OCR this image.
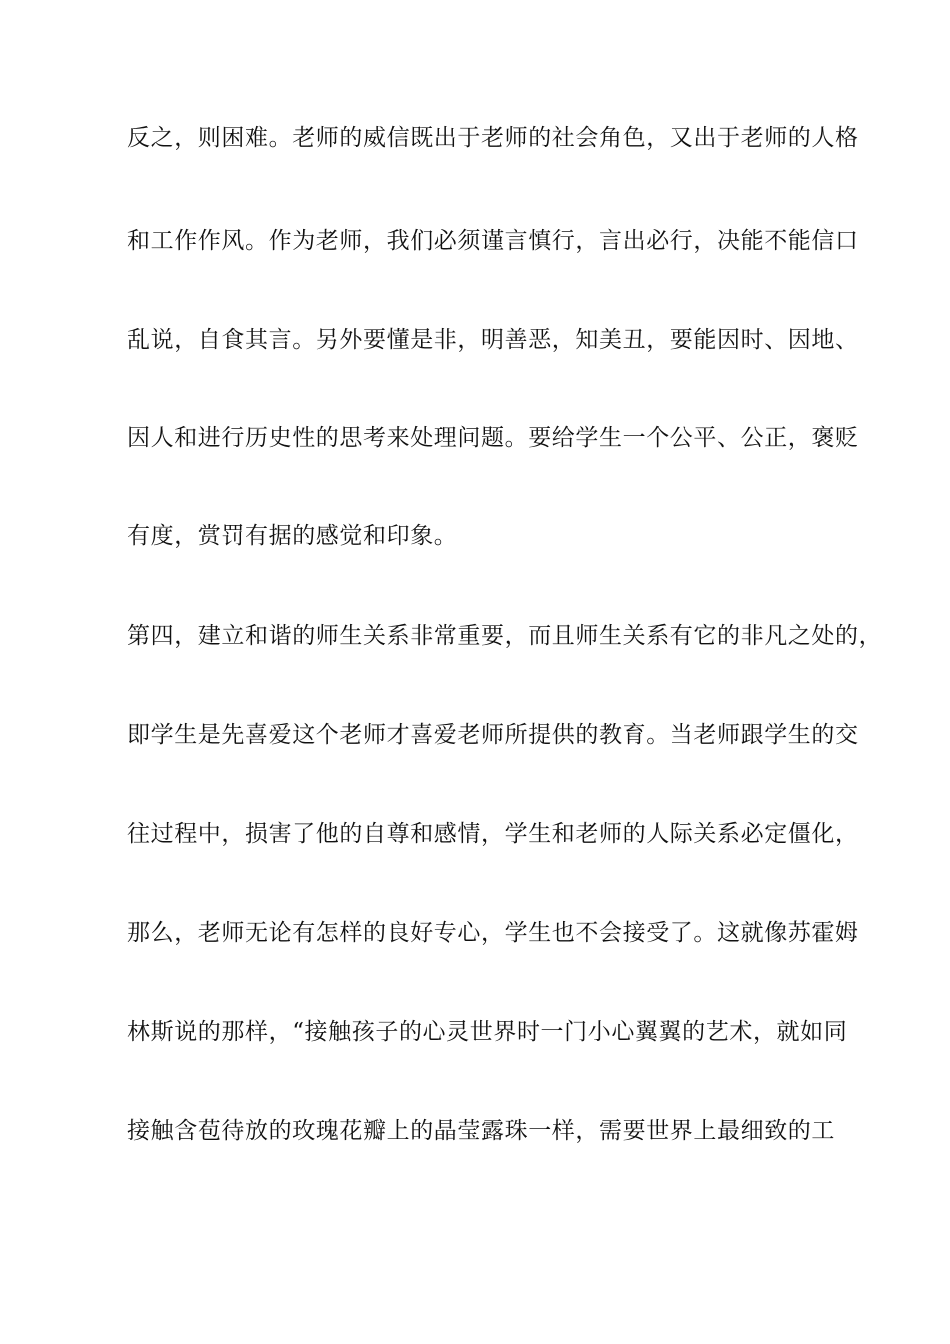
反之，则困难。老师的威信既出于老师的社会角色，又出于老师的人格
和工作作风。作为老师，我们必须谨言慎行，言出必行，决能不能信口
乱说，自食其言。另外要懂是非，明善恶，知美丑，要能因时、因地、
因人和进行历史性的思考来处理问题。要给学生一个公平、公正，褒贬
有度，赏罚有据的感觉和印象。
第四，建立和谐的师生关系非常重要，而且师生关系有它的非凡之处的，
即学生是先喜爱这个老师才喜爱老师所提供的教育。当老师跟学生的交
往过程中，损害了他的自尊和感情，学生和老师的人际关系必定僵化，
那么，老师无论有怎样的良好专心，学生也不会接受了。这就像苏霍姆
林斯说的那样，“接触孩子的心灵世界时一门小心翼翼的艺术，就如同
接触含苞待放的玫瑰花瓣上的晶莹露珠一样，需要世界上最细致的工
